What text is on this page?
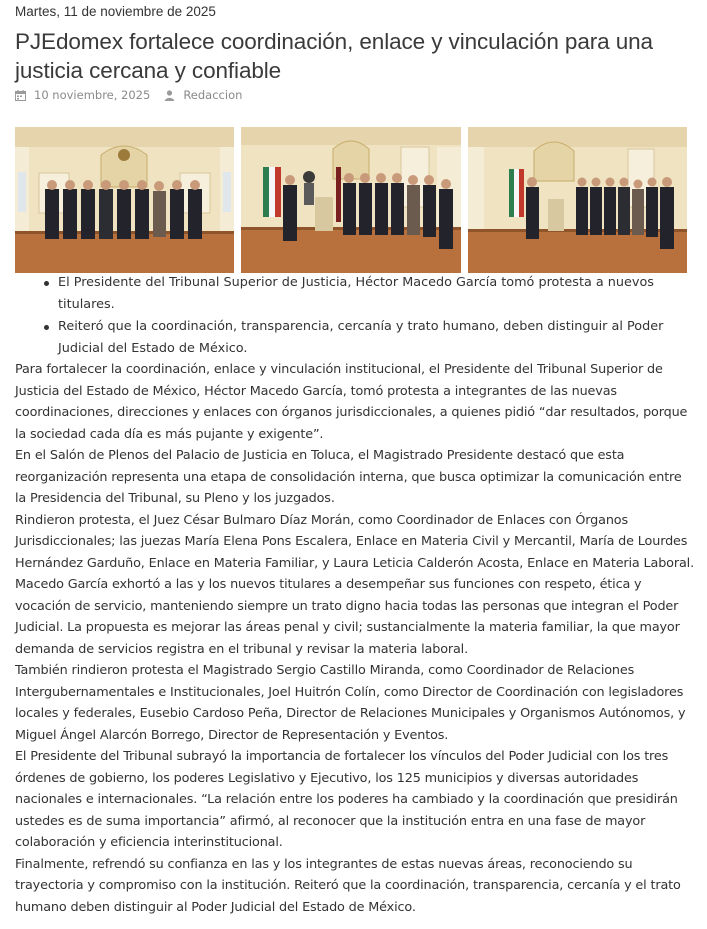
Martes, 11 de noviembre de 2025
PJEdomex fortalece coordinación, enlace y vinculación para una justicia cercana y confiable
10 noviembre, 2025	Redaccion
El Presidente del Tribunal Superior de Justicia, Héctor Macedo García tomó protesta a nuevos titulares.
Reiteró que la coordinación, transparencia, cercanía y trato humano, deben distinguir al Poder Judicial del Estado de México.

Para fortalecer la coordinación, enlace y vinculación institucional, el Presidente del Tribunal Superior de Justicia del Estado de México, Héctor Macedo García, tomó protesta a integrantes de las nuevas coordinaciones, direcciones y enlaces con órganos jurisdiccionales, a quienes pidió “dar resultados, porque la sociedad cada día es más pujante y exigente”.

En el Salón de Plenos del Palacio de Justicia en Toluca, el Magistrado Presidente destacó que esta reorganización representa una etapa de consolidación interna, que busca optimizar la comunicación entre la Presidencia del Tribunal, su Pleno y los juzgados.

Rindieron protesta, el Juez César Bulmaro Díaz Morán, como Coordinador de Enlaces con Órganos Jurisdiccionales; las juezas María Elena Pons Escalera, Enlace en Materia Civil y Mercantil, María de Lourdes Hernández Garduño, Enlace en Materia Familiar, y Laura Leticia Calderón Acosta, Enlace en Materia Laboral.

Macedo García exhortó a las y los nuevos titulares a desempeñar sus funciones con respeto, ética y vocación de servicio, manteniendo siempre un trato digno hacia todas las personas que integran el Poder Judicial. La propuesta es mejorar las áreas penal y civil; sustancialmente la materia familiar, la que mayor demanda de servicios registra en el tribunal y revisar la materia laboral.

También rindieron protesta el Magistrado Sergio Castillo Miranda, como Coordinador de Relaciones Intergubernamentales e Institucionales, Joel Huitrón Colín, como Director de Coordinación con legisladores locales y federales, Eusebio Cardoso Peña, Director de Relaciones Municipales y Organismos Autónomos, y Miguel Ángel Alarcón Borrego, Director de Representación y Eventos.

El Presidente del Tribunal subrayó la importancia de fortalecer los vínculos del Poder Judicial con los tres órdenes de gobierno, los poderes Legislativo y Ejecutivo, los 125 municipios y diversas autoridades nacionales e internacionales. “La relación entre los poderes ha cambiado y la coordinación que presidirán ustedes es de suma importancia” afirmó, al reconocer que la institución entra en una fase de mayor colaboración y eficiencia interinstitucional.

Finalmente, refrendó su confianza en las y los integrantes de estas nuevas áreas, reconociendo su trayectoria y compromiso con la institución. Reiteró que la coordinación, transparencia, cercanía y el trato humano deben distinguir al Poder Judicial del Estado de México.
